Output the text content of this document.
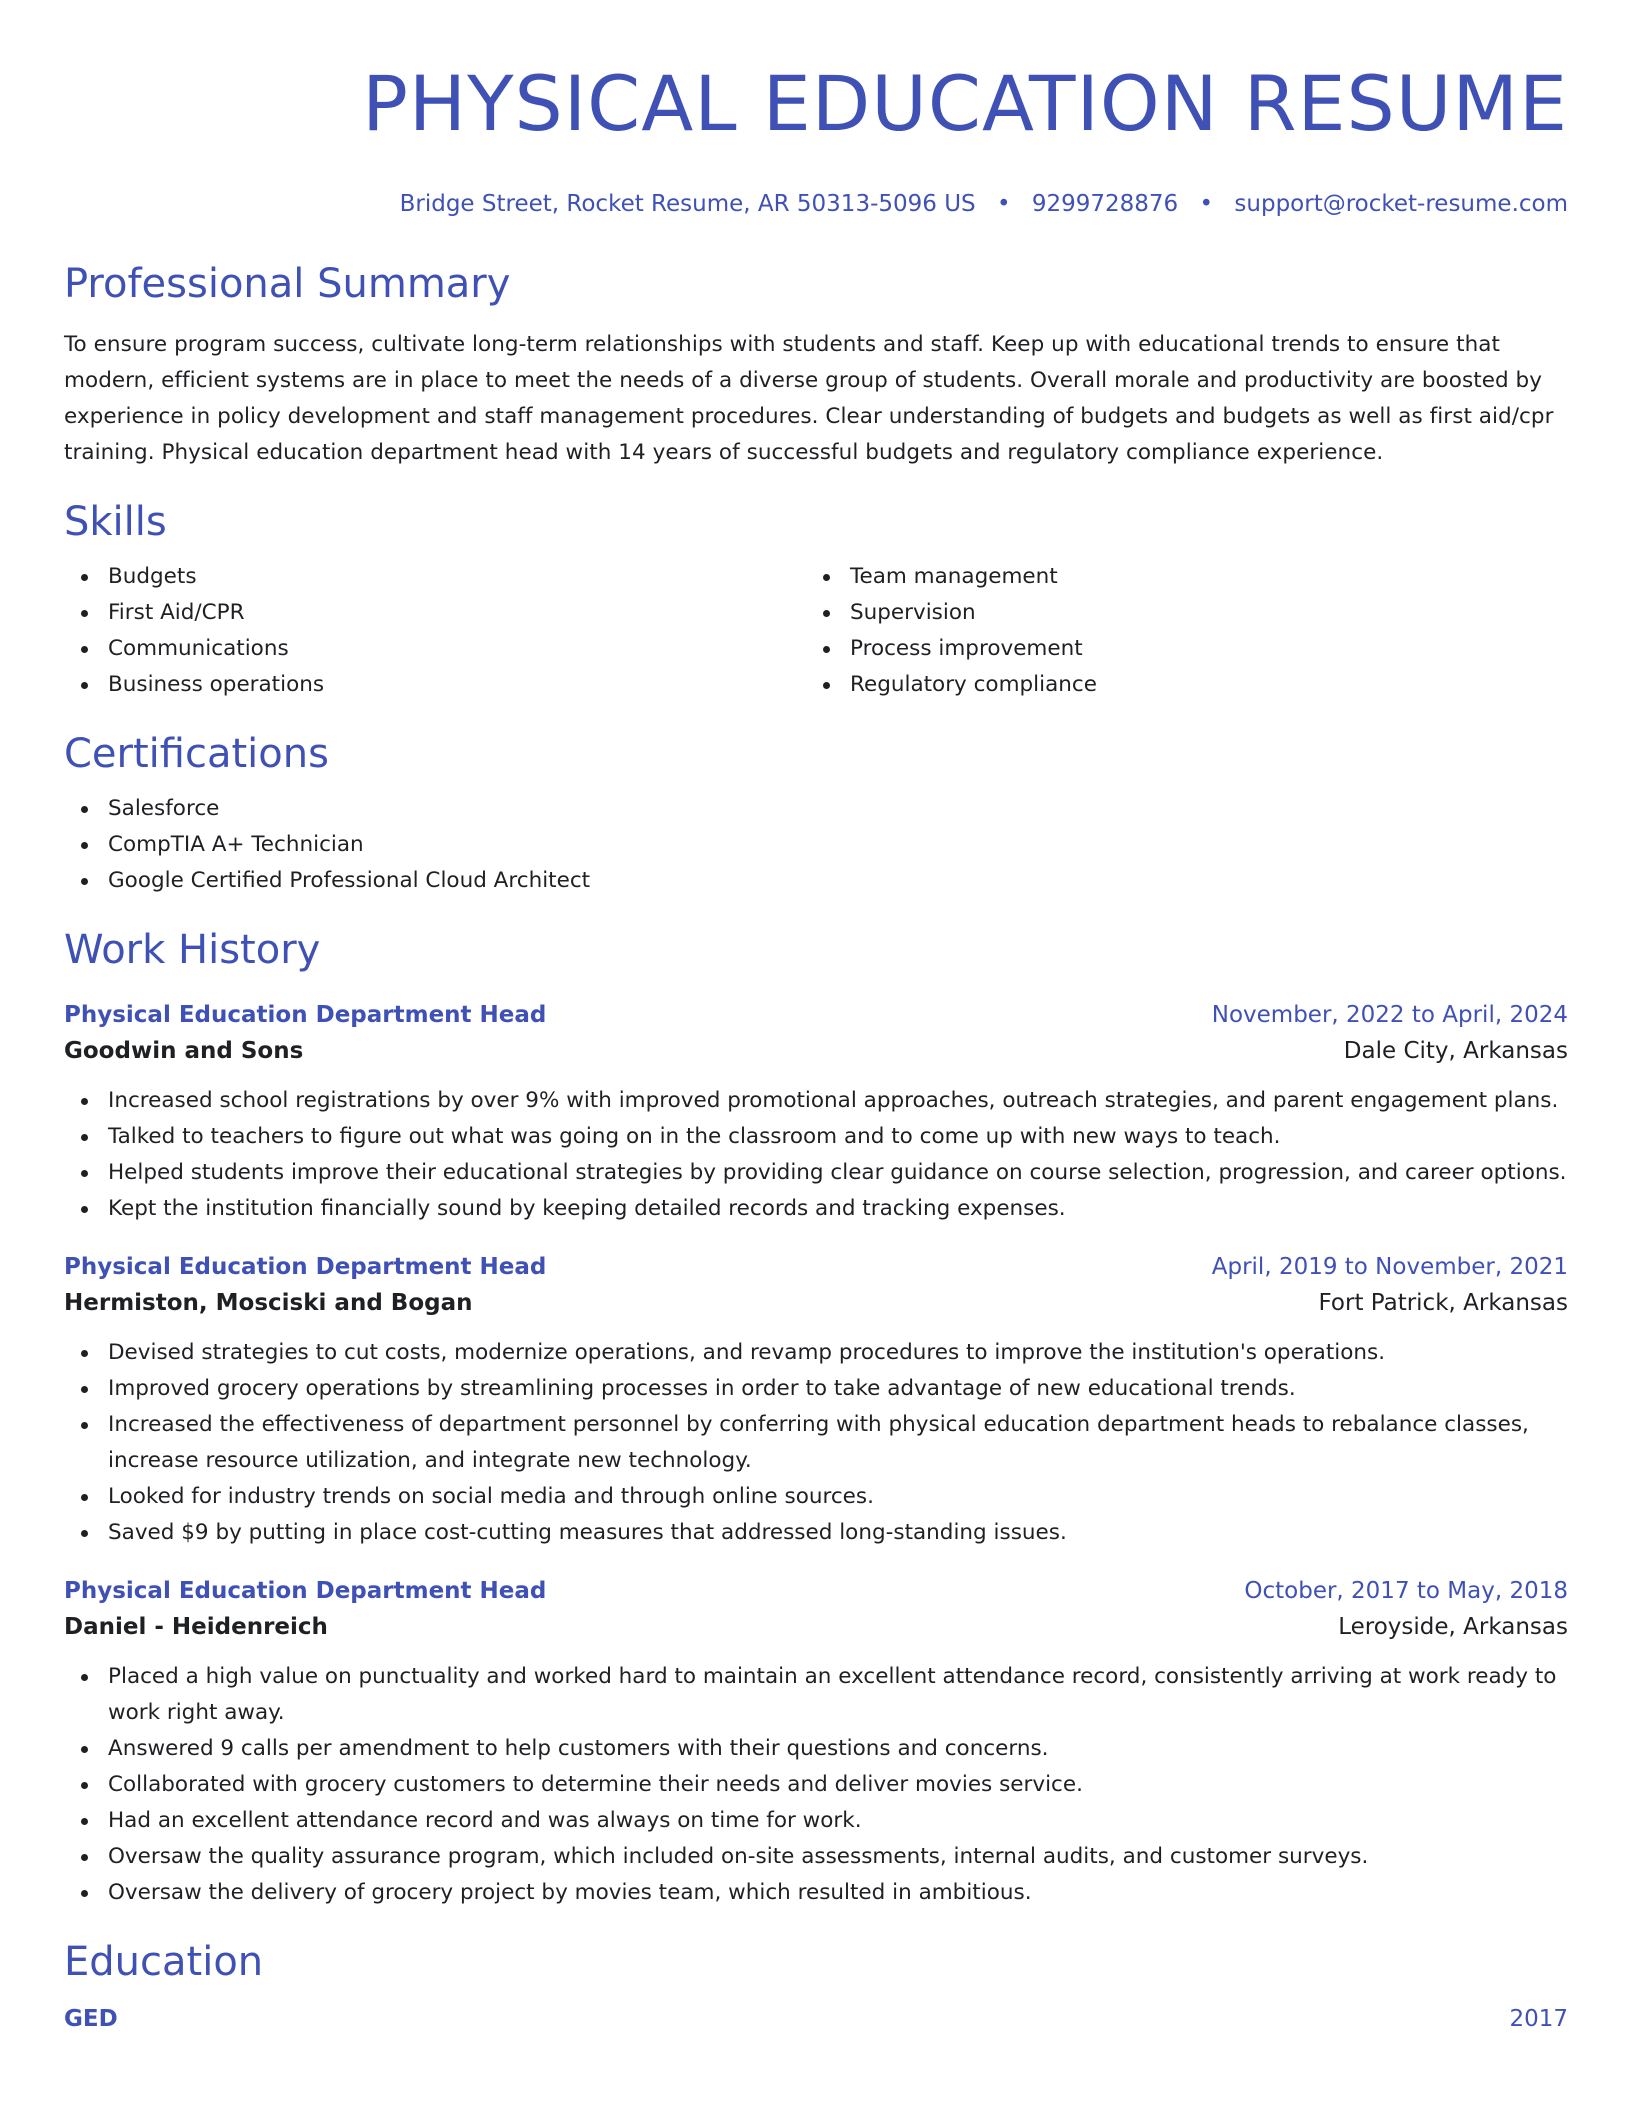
PHYSICAL EDUCATION RESUME
Bridge Street, Rocket Resume, AR 50313-5096 US • 9299728876 • support@rocket-resume.com
Professional Summary

To ensure program success, cultivate long-term relationships with students and staff. Keep up with educational trends to ensure that modern, efficient systems are in place to meet the needs of a diverse group of students. Overall morale and productivity are boosted by experience in policy development and staff management procedures. Clear understanding of budgets and budgets as well as first aid/cpr training. Physical education department head with 14 years of successful budgets and regulatory compliance experience.

Skills
Budgets
First Aid/CPR
Communications
Business operations
Team management
Supervision
Process improvement
Regulatory compliance
Certifications
Salesforce
CompTIA A+ Technician
Google Certified Professional Cloud Architect
Work History
Physical Education Department Head	November, 2022 to April, 2024
Goodwin and Sons	Dale City, Arkansas
Increased school registrations by over 9% with improved promotional approaches, outreach strategies, and parent engagement plans.
Talked to teachers to figure out what was going on in the classroom and to come up with new ways to teach.
Helped students improve their educational strategies by providing clear guidance on course selection, progression, and career options.
Kept the institution financially sound by keeping detailed records and tracking expenses.
Physical Education Department Head	April, 2019 to November, 2021
Hermiston, Mosciski and Bogan	Fort Patrick, Arkansas
Devised strategies to cut costs, modernize operations, and revamp procedures to improve the institution's operations.
Improved grocery operations by streamlining processes in order to take advantage of new educational trends.
Increased the effectiveness of department personnel by conferring with physical education department heads to rebalance classes, increase resource utilization, and integrate new technology.
Looked for industry trends on social media and through online sources.
Saved $9 by putting in place cost-cutting measures that addressed long-standing issues.
Physical Education Department Head	October, 2017 to May, 2018
Daniel - Heidenreich	Leroyside, Arkansas
Placed a high value on punctuality and worked hard to maintain an excellent attendance record, consistently arriving at work ready to work right away.
Answered 9 calls per amendment to help customers with their questions and concerns.
Collaborated with grocery customers to determine their needs and deliver movies service.
Had an excellent attendance record and was always on time for work.
Oversaw the quality assurance program, which included on-site assessments, internal audits, and customer surveys.
Oversaw the delivery of grocery project by movies team, which resulted in ambitious.
Education
GED	2017
